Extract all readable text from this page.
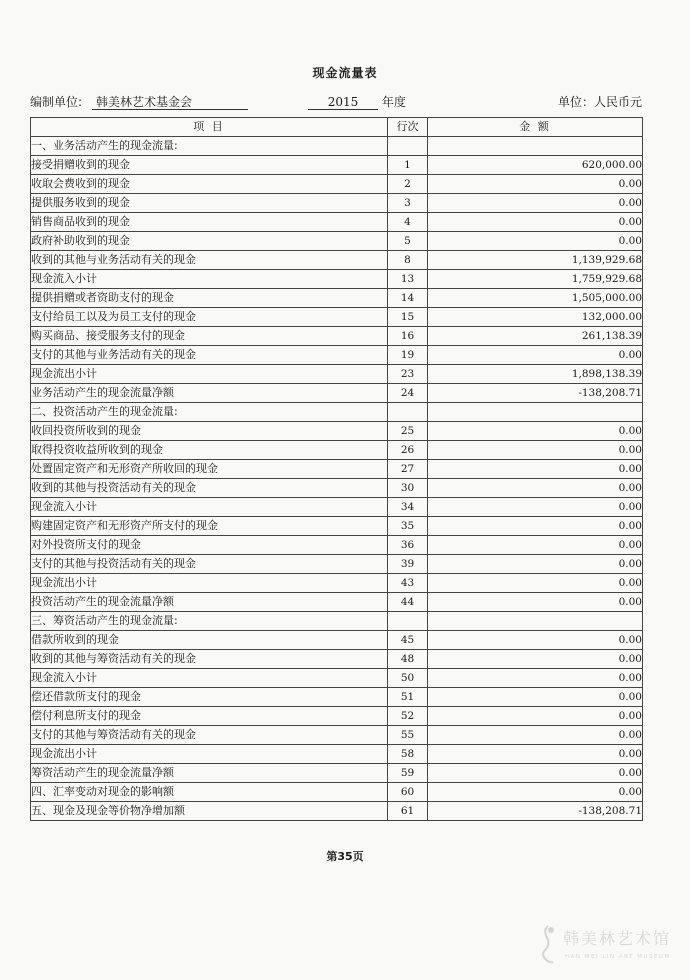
现金流量表
编制单位:	韩美林艺术基金会	2015 年度	单位：人民币元
项 目	行次	金 额
一、业务活动产生的现金流量:		
接受捐赠收到的现金	1	620,000.00
收取会费收到的现金	2	0.00
提供服务收到的现金	3	0.00
销售商品收到的现金	4	0.00
政府补助收到的现金	5	0.00
收到的其他与业务活动有关的现金	8	1,139,929.68
现金流入小计	13	1,759,929.68
提供捐赠或者资助支付的现金	14	1,505,000.00
支付给员工以及为员工支付的现金	15	132,000.00
购买商品、接受服务支付的现金	16	261,138.39
支付的其他与业务活动有关的现金	19	0.00
现金流出小计	23	1,898,138.39
业务活动产生的现金流量净额	24	-138,208.71
二、投资活动产生的现金流量:		
收回投资所收到的现金	25	0.00
取得投资收益所收到的现金	26	0.00
处置固定资产和无形资产所收回的现金	27	0.00
收到的其他与投资活动有关的现金	30	0.00
现金流入小计	34	0.00
购建固定资产和无形资产所支付的现金	35	0.00
对外投资所支付的现金	36	0.00
支付的其他与投资活动有关的现金	39	0.00
现金流出小计	43	0.00
投资活动产生的现金流量净额	44	0.00
三、筹资活动产生的现金流量:		
借款所收到的现金	45	0.00
收到的其他与筹资活动有关的现金	48	0.00
现金流入小计	50	0.00
偿还借款所支付的现金	51	0.00
偿付利息所支付的现金	52	0.00
支付的其他与筹资活动有关的现金	55	0.00
现金流出小计	58	0.00
筹资活动产生的现金流量净额	59	0.00
四、汇率变动对现金的影响额	60	0.00
五、现金及现金等价物净增加额	61	-138,208.71
第35页
韩美林艺术馆
HAN MEI LIN ART MUSEUM
